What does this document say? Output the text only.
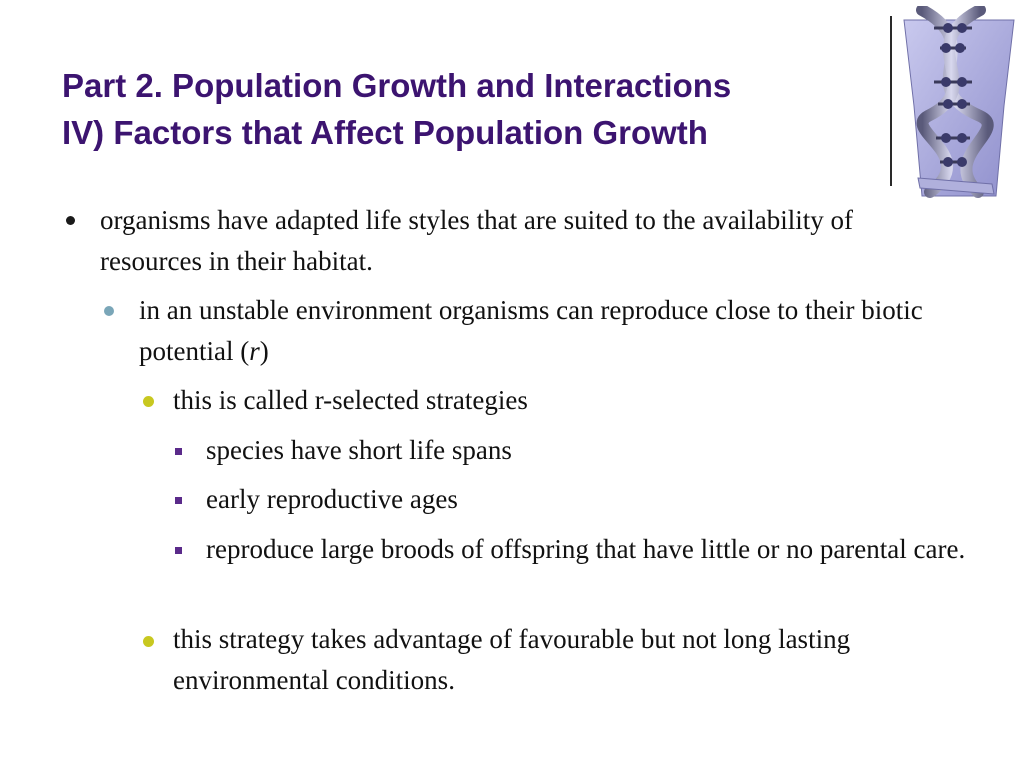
Part 2. Population Growth and Interactions
IV) Factors that Affect Population Growth
organisms have adapted life styles that are suited to the availability of resources in their habitat.
in an unstable environment organisms can reproduce close to their biotic potential (r)
this is called r-selected strategies
species have short life spans
early reproductive ages
reproduce large broods of offspring that have little or no parental care.
this strategy takes advantage of favourable but not long lasting environmental conditions.
